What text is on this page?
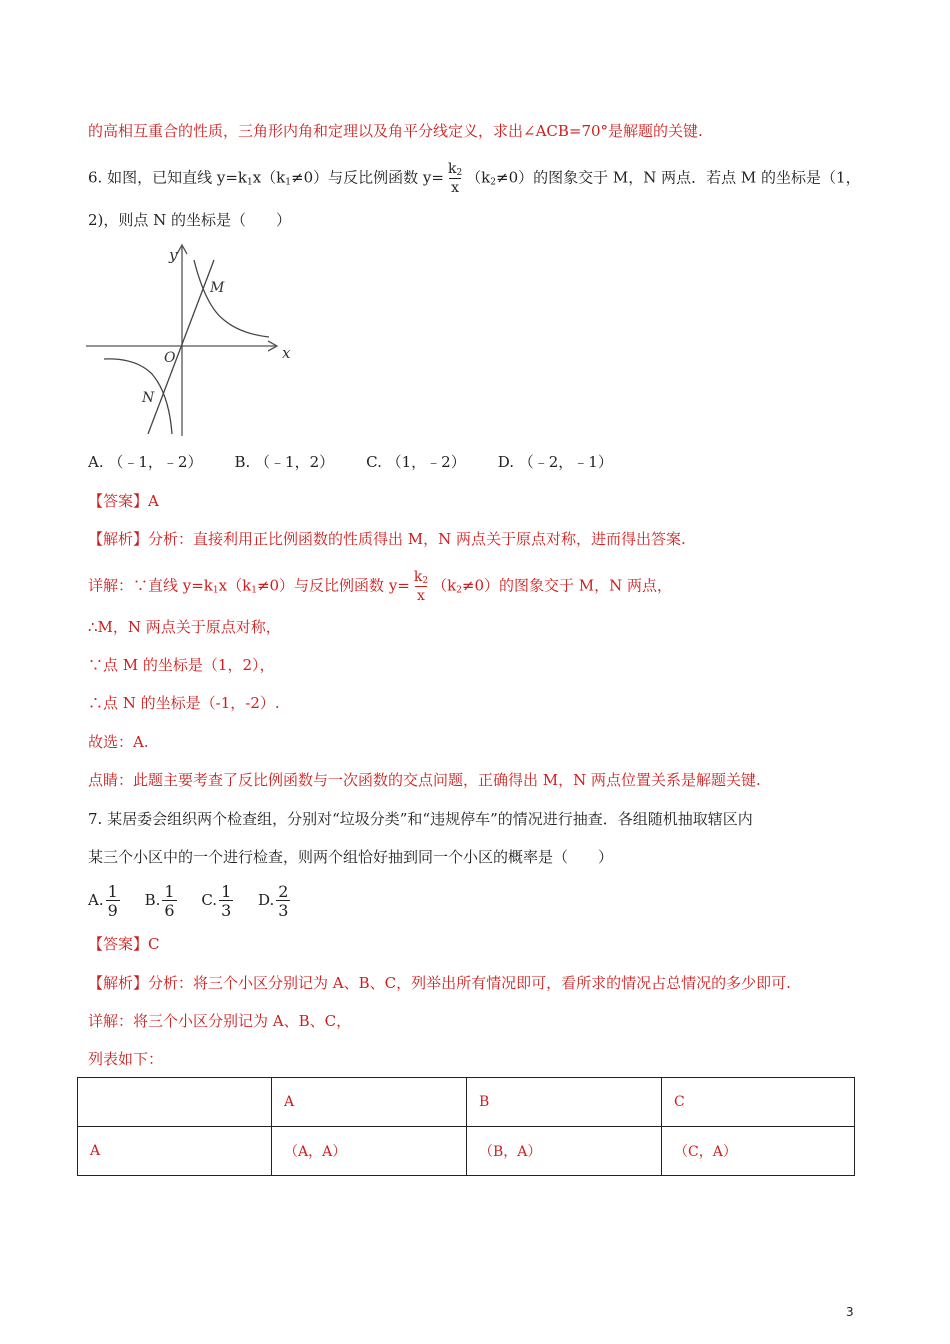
的高相互重合的性质，三角形内角和定理以及角平分线定义，求出∠ACB=70°是解题的关键.
6. 如图，已知直线 $y=k_1x(k_1\ne 0)$与反比例函数 $y= \frac{k_2}{x} (k_2\ne 0)$的图象交于 M，N 两点．若点 M 的坐标是（1，
2)，则点 N 的坐标是（　　）
y
x
O
M
N
A. （﹣1，﹣2） B. （﹣1，2） C. （1，﹣2） D. （﹣2，﹣1）
【答案】A
【解析】分析：直接利用正比例函数的性质得出 M，N 两点关于原点对称，进而得出答案.
详解：∵直线 $y=k_1x(k_1\ne 0)$与反比例函数 $y= \frac{k_2}{x} (k_2\ne 0)$的图象交于 M，N 两点，
∴M，N 两点关于原点对称，
∵点 M 的坐标是（1，2），
∴点 N 的坐标是（-1，-2）.
故选：A.
点睛：此题主要考查了反比例函数与一次函数的交点问题，正确得出 M，N 两点位置关系是解题关键.
7. 某居委会组织两个检查组，分别对“垃圾分类”和“违规停车”的情况进行抽查．各组随机抽取辖区内
某三个小区中的一个进行检查，则两个组恰好抽到同一个小区的概率是（　　）
A. $\frac{1}{9} B$. $\frac{1}{6} C$. $\frac{1}{3} D$. $\frac{2}{3}$
【答案】C
【解析】分析：将三个小区分别记为 A、B、C，列举出所有情况即可，看所求的情况占总情况的多少即可.
详解：将三个小区分别记为 A、B、C，
列表如下：
	A	B	C
A	（A，A）	（B，A）	（C，A）
3
